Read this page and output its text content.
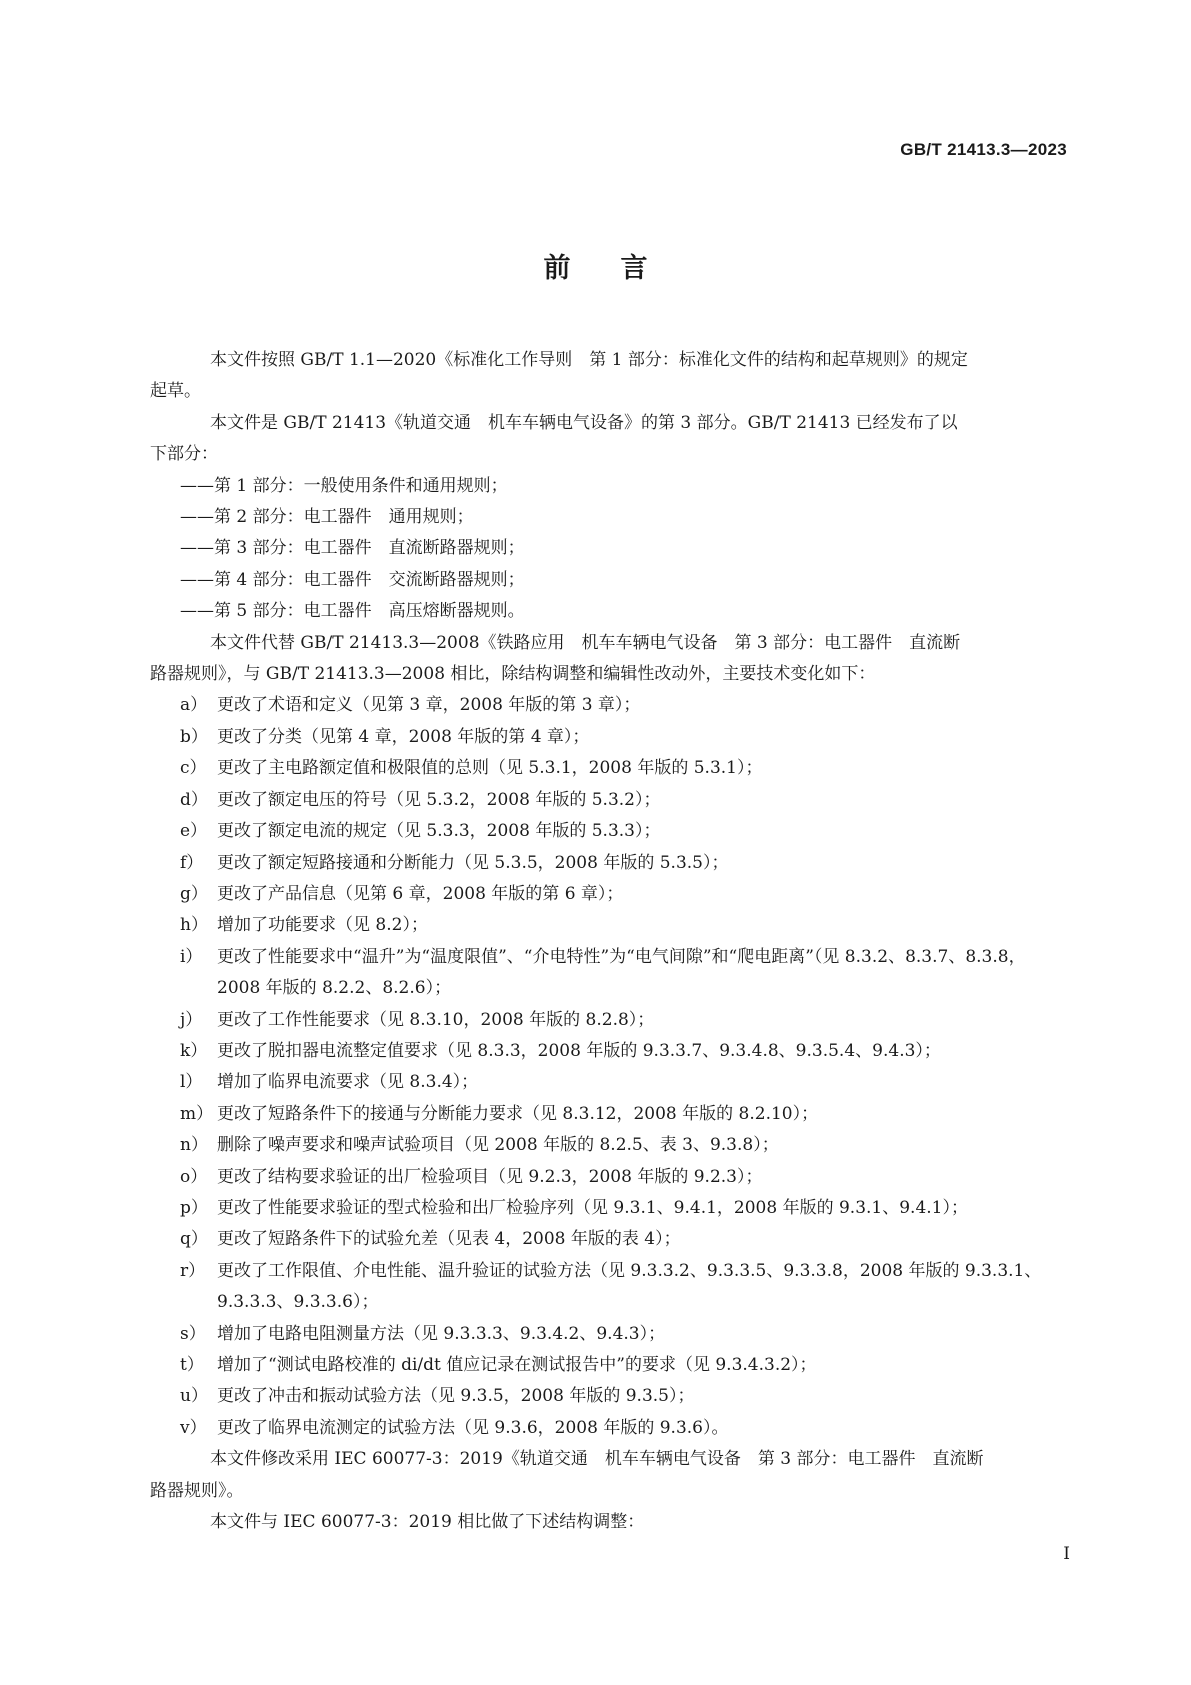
GB/T 21413.3—2023
前言
本文件按照 GB/T 1.1—2020《标准化工作导则　第 1 部分：标准化文件的结构和起草规则》的规定
起草。
本文件是 GB/T 21413《轨道交通　机车车辆电气设备》的第 3 部分。GB/T 21413 已经发布了以
下部分：
——第 1 部分：一般使用条件和通用规则；
——第 2 部分：电工器件　通用规则；
——第 3 部分：电工器件　直流断路器规则；
——第 4 部分：电工器件　交流断路器规则；
——第 5 部分：电工器件　高压熔断器规则。
本文件代替 GB/T 21413.3—2008《铁路应用　机车车辆电气设备　第 3 部分：电工器件　直流断
路器规则》，与 GB/T 21413.3—2008 相比，除结构调整和编辑性改动外，主要技术变化如下：
a） 更改了术语和定义（见第 3 章，2008 年版的第 3 章）；
b） 更改了分类（见第 4 章，2008 年版的第 4 章）；
c） 更改了主电路额定值和极限值的总则（见 5.3.1，2008 年版的 5.3.1）；
d） 更改了额定电压的符号（见 5.3.2，2008 年版的 5.3.2）；
e） 更改了额定电流的规定（见 5.3.3，2008 年版的 5.3.3）；
f） 更改了额定短路接通和分断能力（见 5.3.5，2008 年版的 5.3.5）；
g） 更改了产品信息（见第 6 章，2008 年版的第 6 章）；
h） 增加了功能要求（见 8.2）；
i） 更改了性能要求中“温升”为“温度限值”、“介电特性”为“电气间隙”和“爬电距离”（见 8.3.2、8.3.7、8.3.8，2008 年版的 8.2.2、8.2.6）；
j） 更改了工作性能要求（见 8.3.10，2008 年版的 8.2.8）；
k） 更改了脱扣器电流整定值要求（见 8.3.3，2008 年版的 9.3.3.7、9.3.4.8、9.3.5.4、9.4.3）；
l） 增加了临界电流要求（见 8.3.4）；
m） 更改了短路条件下的接通与分断能力要求（见 8.3.12，2008 年版的 8.2.10）；
n） 删除了噪声要求和噪声试验项目（见 2008 年版的 8.2.5、表 3、9.3.8）；
o） 更改了结构要求验证的出厂检验项目（见 9.2.3，2008 年版的 9.2.3）；
p） 更改了性能要求验证的型式检验和出厂检验序列（见 9.3.1、9.4.1，2008 年版的 9.3.1、9.4.1）；
q） 更改了短路条件下的试验允差（见表 4，2008 年版的表 4）；
r） 更改了工作限值、介电性能、温升验证的试验方法（见 9.3.3.2、9.3.3.5、9.3.3.8，2008 年版的 9.3.3.1、9.3.3.3、9.3.3.6）；
s） 增加了电路电阻测量方法（见 9.3.3.3、9.3.4.2、9.4.3）；
t） 增加了“测试电路校准的 di/dt 值应记录在测试报告中”的要求（见 9.3.4.3.2）；
u） 更改了冲击和振动试验方法（见 9.3.5，2008 年版的 9.3.5）；
v） 更改了临界电流测定的试验方法（见 9.3.6，2008 年版的 9.3.6）。
本文件修改采用 IEC 60077-3：2019《轨道交通　机车车辆电气设备　第 3 部分：电工器件　直流断
路器规则》。
本文件与 IEC 60077-3：2019 相比做了下述结构调整：
I
